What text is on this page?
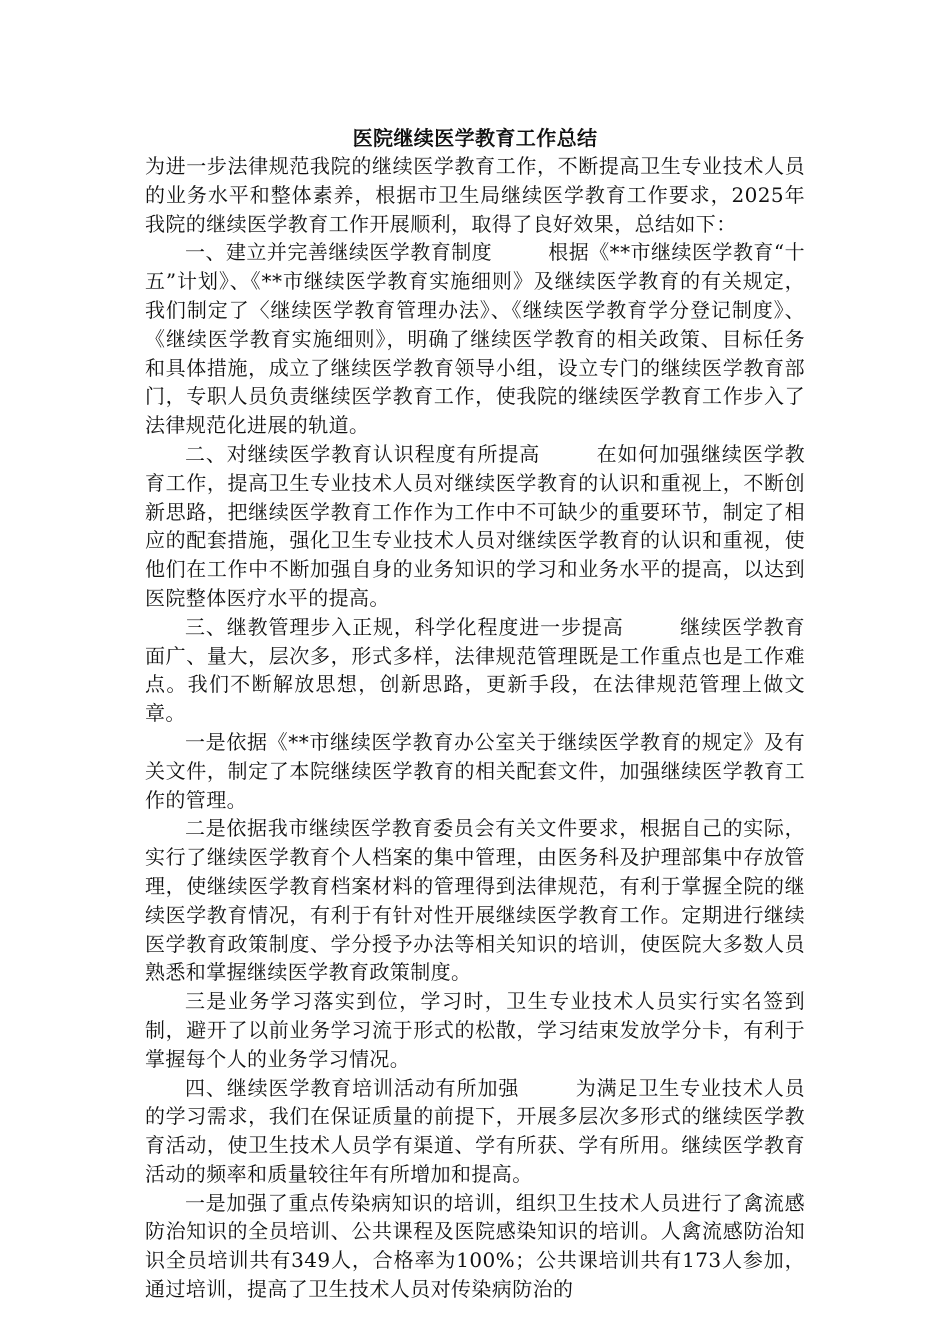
医院继续医学教育工作总结

为进一步法律规范我院的继续医学教育工作，不断提高卫生专业技术人员的业务水平和整体素养，根据市卫生局继续医学教育工作要求，2025年我院的继续医学教育工作开展顺利，取得了良好效果，总结如下：

一、建立并完善继续医学教育制度	根据《**市继续医学教育“十五”计划》、《**市继续医学教育实施细则》及继续医学教育的有关规定，我们制定了〈继续医学教育管理办法》、《继续医学教育学分登记制度》、《继续医学教育实施细则》，明确了继续医学教育的相关政策、目标任务和具体措施，成立了继续医学教育领导小组，设立专门的继续医学教育部门，专职人员负责继续医学教育工作，使我院的继续医学教育工作步入了法律规范化进展的轨道。

二、对继续医学教育认识程度有所提高	在如何加强继续医学教育工作，提高卫生专业技术人员对继续医学教育的认识和重视上，不断创新思路，把继续医学教育工作作为工作中不可缺少的重要环节，制定了相应的配套措施，强化卫生专业技术人员对继续医学教育的认识和重视，使他们在工作中不断加强自身的业务知识的学习和业务水平的提高，以达到医院整体医疗水平的提高。

三、继教管理步入正规，科学化程度进一步提高	继续医学教育面广、量大，层次多，形式多样，法律规范管理既是工作重点也是工作难点。我们不断解放思想，创新思路，更新手段，在法律规范管理上做文章。

一是依据《**市继续医学教育办公室关于继续医学教育的规定》及有关文件，制定了本院继续医学教育的相关配套文件，加强继续医学教育工作的管理。

二是依据我市继续医学教育委员会有关文件要求，根据自己的实际，实行了继续医学教育个人档案的集中管理，由医务科及护理部集中存放管理，使继续医学教育档案材料的管理得到法律规范，有利于掌握全院的继续医学教育情况，有利于有针对性开展继续医学教育工作。定期进行继续医学教育政策制度、学分授予办法等相关知识的培训，使医院大多数人员熟悉和掌握继续医学教育政策制度。

三是业务学习落实到位，学习时，卫生专业技术人员实行实名签到制，避开了以前业务学习流于形式的松散，学习结束发放学分卡，有利于掌握每个人的业务学习情况。

四、继续医学教育培训活动有所加强	为满足卫生专业技术人员的学习需求，我们在保证质量的前提下，开展多层次多形式的继续医学教育活动，使卫生技术人员学有渠道、学有所获、学有所用。继续医学教育活动的频率和质量较往年有所增加和提高。

一是加强了重点传染病知识的培训，组织卫生技术人员进行了禽流感防治知识的全员培训、公共课程及医院感染知识的培训。人禽流感防治知识全员培训共有349人，合格率为100%；公共课培训共有173人参加，通过培训，提高了卫生技术人员对传染病防治的
